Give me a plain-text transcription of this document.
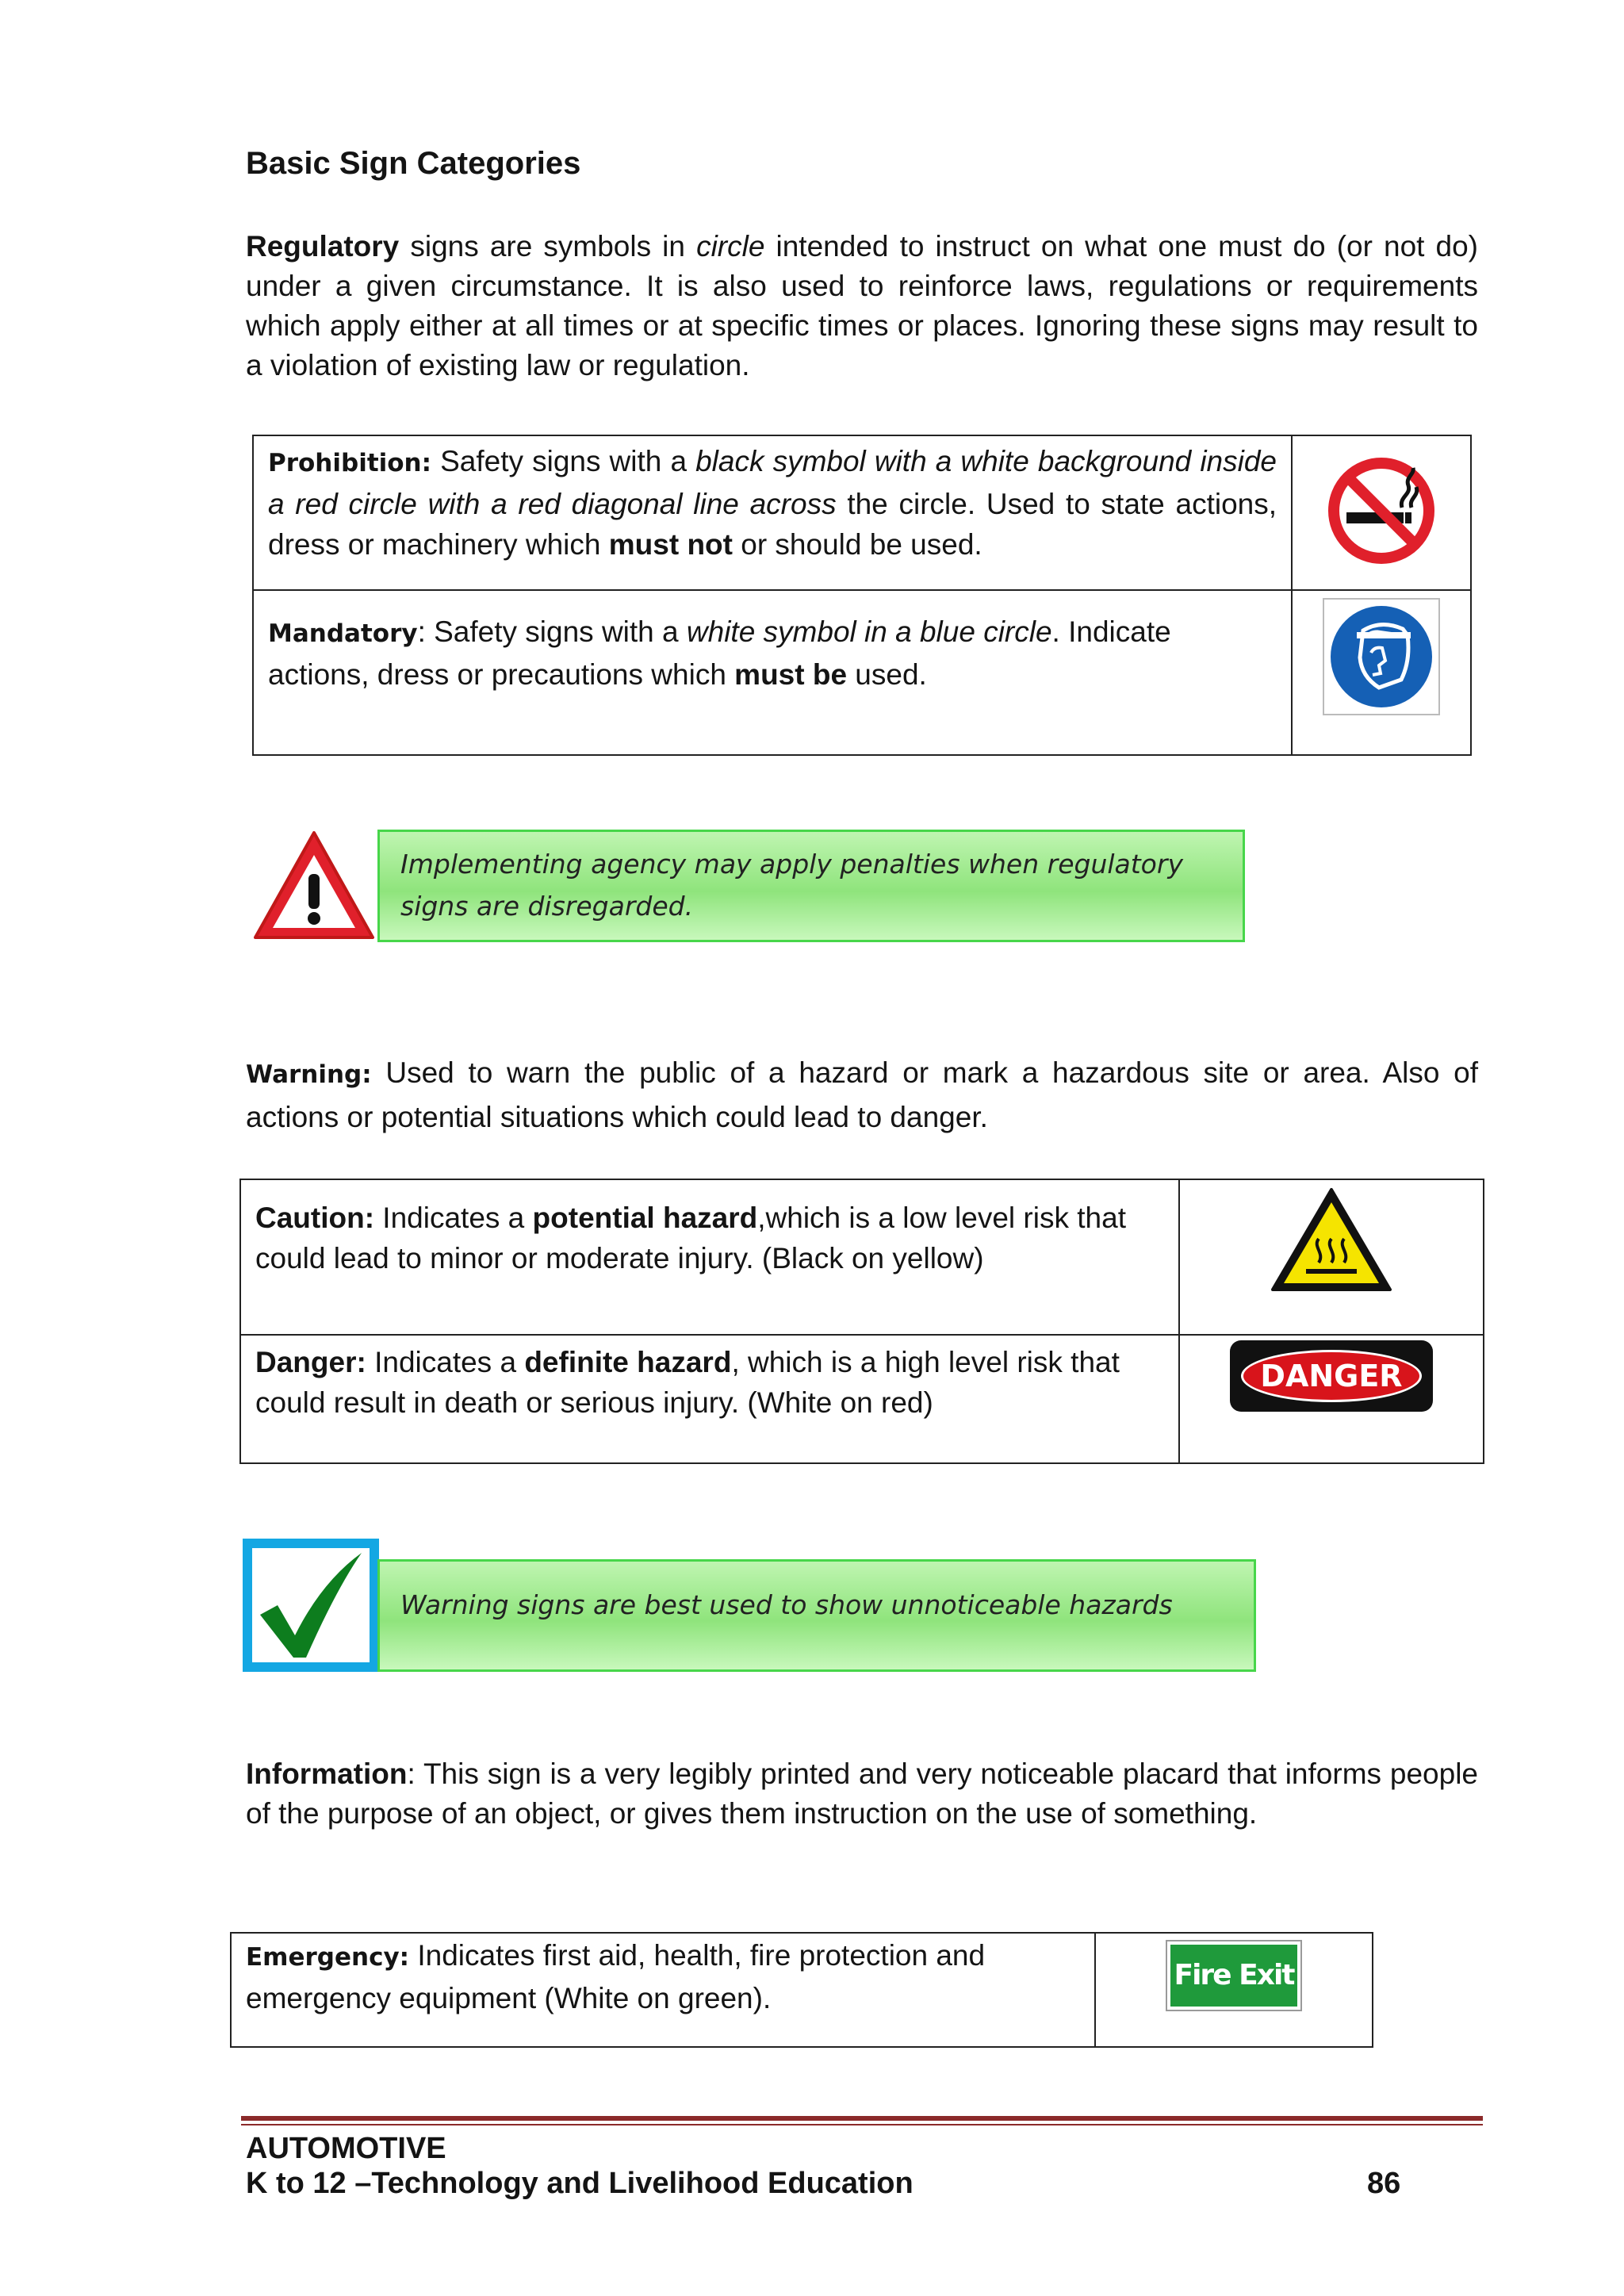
Basic Sign Categories

Regulatory signs are symbols in circle intended to instruct on what one must do (or not do) under a given circumstance. It is also used to reinforce laws, regulations or requirements which apply either at all times or at specific times or places. Ignoring these signs may result to a violation of existing law or regulation.

Prohibition: Safety signs with a black symbol with a white background inside a red circle with a red diagonal line across the circle. Used to state actions, dress or machinery which must not or should be used.	
Mandatory: Safety signs with a white symbol in a blue circle. Indicate actions, dress or precautions which must be used.	
Implementing agency may apply penalties when regulatory signs are disregarded.

Warning: Used to warn the public of a hazard or mark a hazardous site or area. Also of actions or potential situations which could lead to danger.

Caution: Indicates a potential hazard,which is a low level risk that could lead to minor or moderate injury. (Black on yellow)	
Danger: Indicates a definite hazard, which is a high level risk that could result in death or serious injury. (White on red)	DANGER
Warning signs are best used to show unnoticeable hazards

Information: This sign is a very legibly printed and very noticeable placard that informs people of the purpose of an object, or gives them instruction on the use of something.

Emergency: Indicates first aid, health, fire protection and emergency equipment (White on green).	
Fire Exit
AUTOMOTIVE
K to 12 –Technology and Livelihood Education	86
